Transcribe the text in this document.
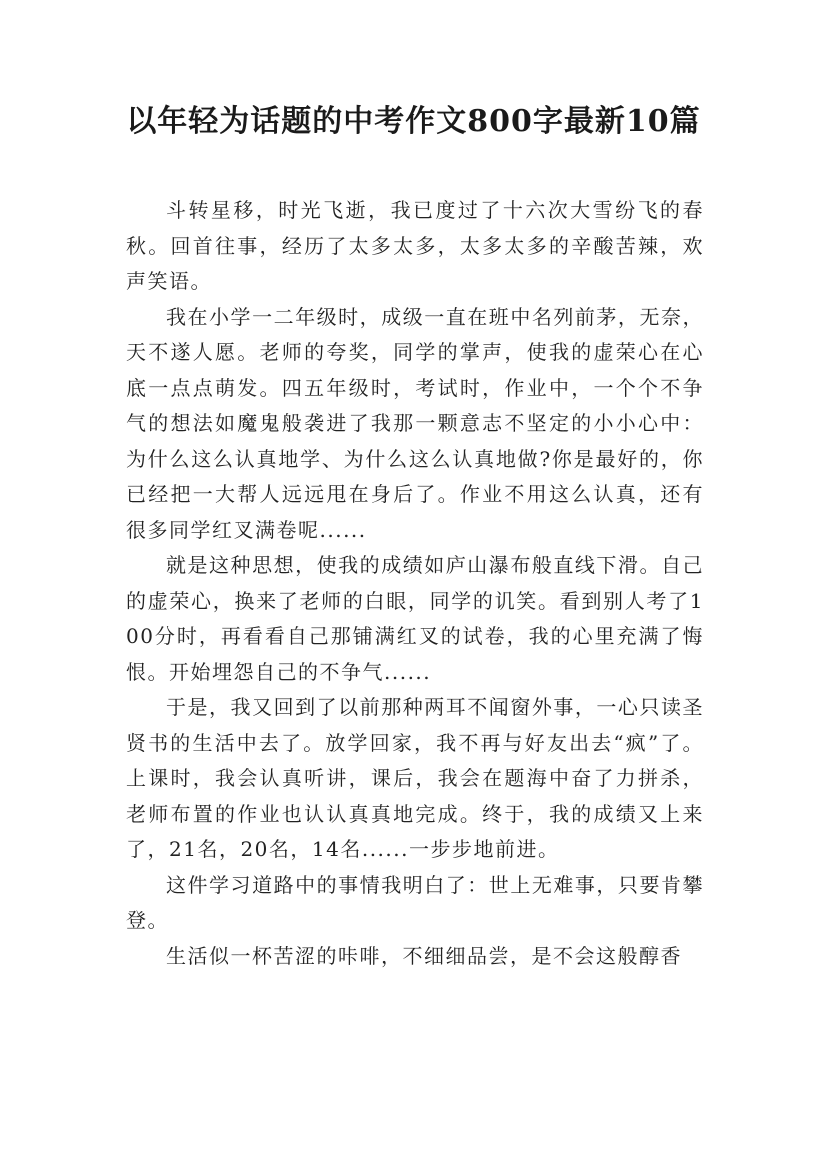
以年轻为话题的中考作文800字最新10篇

斗转星移，时光飞逝，我已度过了十六次大雪纷飞的春秋。回首往事，经历了太多太多，太多太多的辛酸苦辣，欢声笑语。

我在小学一二年级时，成级一直在班中名列前茅，无奈，天不遂人愿。老师的夸奖，同学的掌声，使我的虚荣心在心底一点点萌发。四五年级时，考试时，作业中，一个个不争气的想法如魔鬼般袭进了我那一颗意志不坚定的小小心中：为什么这么认真地学、为什么这么认真地做?你是最好的，你已经把一大帮人远远甩在身后了。作业不用这么认真，还有很多同学红叉满卷呢......

就是这种思想，使我的成绩如庐山瀑布般直线下滑。自己的虚荣心，换来了老师的白眼，同学的讥笑。看到别人考了100分时，再看看自己那铺满红叉的试卷，我的心里充满了悔恨。开始埋怨自己的不争气......

于是，我又回到了以前那种两耳不闻窗外事，一心只读圣贤书的生活中去了。放学回家，我不再与好友出去“疯”了。上课时，我会认真听讲，课后，我会在题海中奋了力拼杀，老师布置的作业也认认真真地完成。终于，我的成绩又上来了，21名，20名，14名......一步步地前进。

这件学习道路中的事情我明白了：世上无难事，只要肯攀登。

生活似一杯苦涩的咔啡，不细细品尝，是不会这般醇香
